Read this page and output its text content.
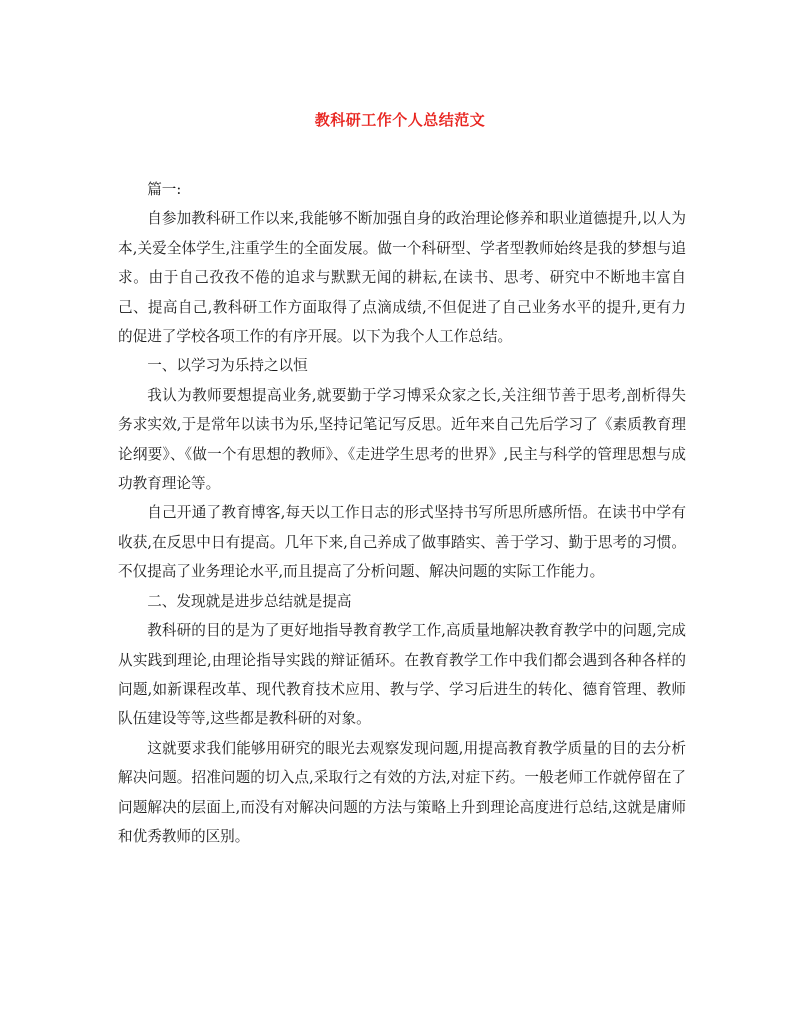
教科研工作个人总结范文

篇一:

自参加教科研工作以来,我能够不断加强自身的政治理论修养和职业道德提升,以人为本,关爱全体学生,注重学生的全面发展。做一个科研型、学者型教师始终是我的梦想与追求。由于自己孜孜不倦的追求与默默无闻的耕耘,在读书、思考、研究中不断地丰富自己、提高自己,教科研工作方面取得了点滴成绩,不但促进了自己业务水平的提升,更有力的促进了学校各项工作的有序开展。以下为我个人工作总结。

一、以学习为乐持之以恒

我认为教师要想提高业务,就要勤于学习博采众家之长,关注细节善于思考,剖析得失务求实效,于是常年以读书为乐,坚持记笔记写反思。近年来自己先后学习了《素质教育理论纲要》、《做一个有思想的教师》、《走进学生思考的世界》,民主与科学的管理思想与成功教育理论等。

自己开通了教育博客,每天以工作日志的形式坚持书写所思所感所悟。在读书中学有收获,在反思中日有提高。几年下来,自己养成了做事踏实、善于学习、勤于思考的习惯。不仅提高了业务理论水平,而且提高了分析问题、解决问题的实际工作能力。

二、发现就是进步总结就是提高

教科研的目的是为了更好地指导教育教学工作,高质量地解决教育教学中的问题,完成从实践到理论,由理论指导实践的辩证循环。在教育教学工作中我们都会遇到各种各样的问题,如新课程改革、现代教育技术应用、教与学、学习后进生的转化、德育管理、教师队伍建设等等,这些都是教科研的对象。

这就要求我们能够用研究的眼光去观察发现问题,用提高教育教学质量的目的去分析解决问题。招准问题的切入点,采取行之有效的方法,对症下药。一般老师工作就停留在了问题解决的层面上,而没有对解决问题的方法与策略上升到理论高度进行总结,这就是庸师和优秀教师的区别。
